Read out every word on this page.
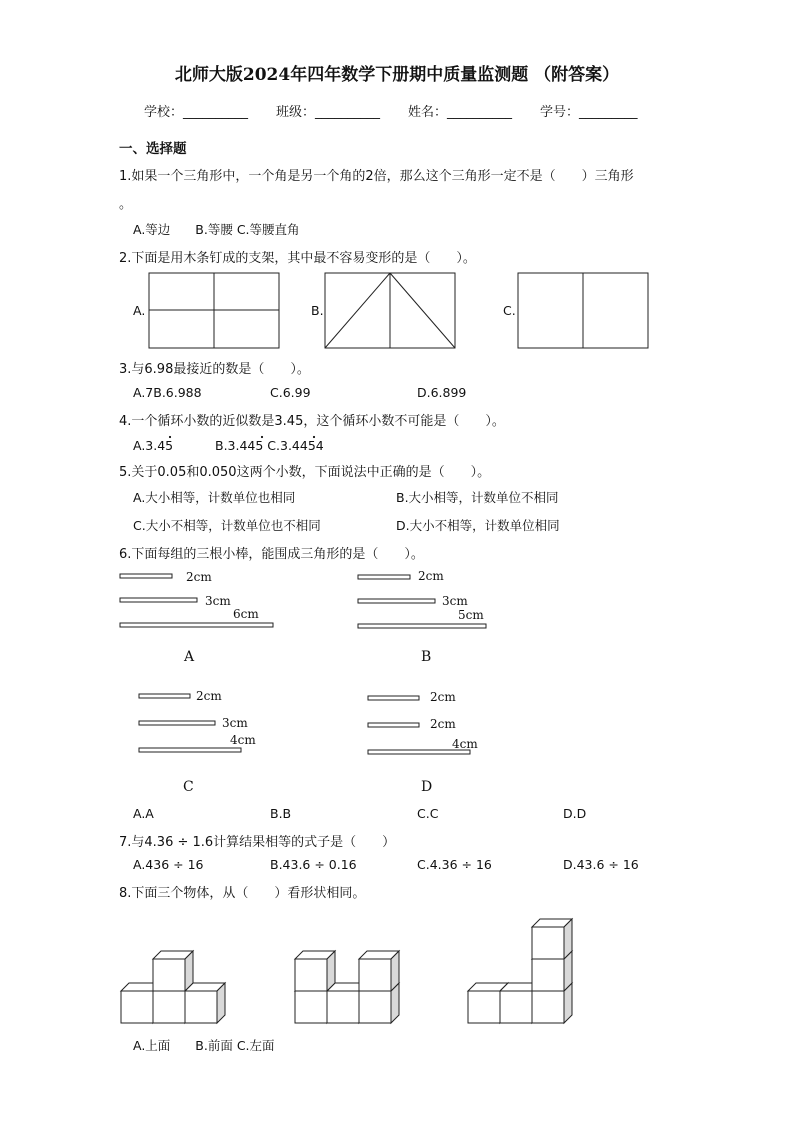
北师大版2024年四年数学下册期中质量监测题 （附答案）
学校：__________ 班级：__________ 姓名：__________ 学号：_________
一、选择题
1.如果一个三角形中，一个角是另一个角的2倍，那么这个三角形一定不是（　　）三角形
。
A.等边　　B.等腰 C.等腰直角
2.下面是用木条钉成的支架，其中最不容易变形的是（　　）。
A.	B.	C.
3.与6.98最接近的数是（　　）。
A.7B.6.988	C.6.99	D.6.899
4.一个循环小数的近似数是3.45，这个循环小数不可能是（　　）。
A.3.45	B.3.445 C.3.4454
5.关于0.05和0.050这两个小数，下面说法中正确的是（　　）。
A.大小相等，计数单位也相同	B.大小相等，计数单位不相同
C.大小不相等，计数单位也不相同	D.大小不相等，计数单位相同
6.下面每组的三根小棒，能围成三角形的是（　　）。
2cm
3cm
6cm
2cm
3cm
5cm
2cm
3cm
4cm
2cm
2cm
4cm
A	B
C	D
A.A	B.B	C.C	D.D
7.与4.36 ÷ 1.6计算结果相等的式子是（　　）
A.436 ÷ 16	B.43.6 ÷ 0.16	C.4.36 ÷ 16	D.43.6 ÷ 16
8.下面三个物体，从（　　）看形状相同。
A.上面　　B.前面 C.左面
